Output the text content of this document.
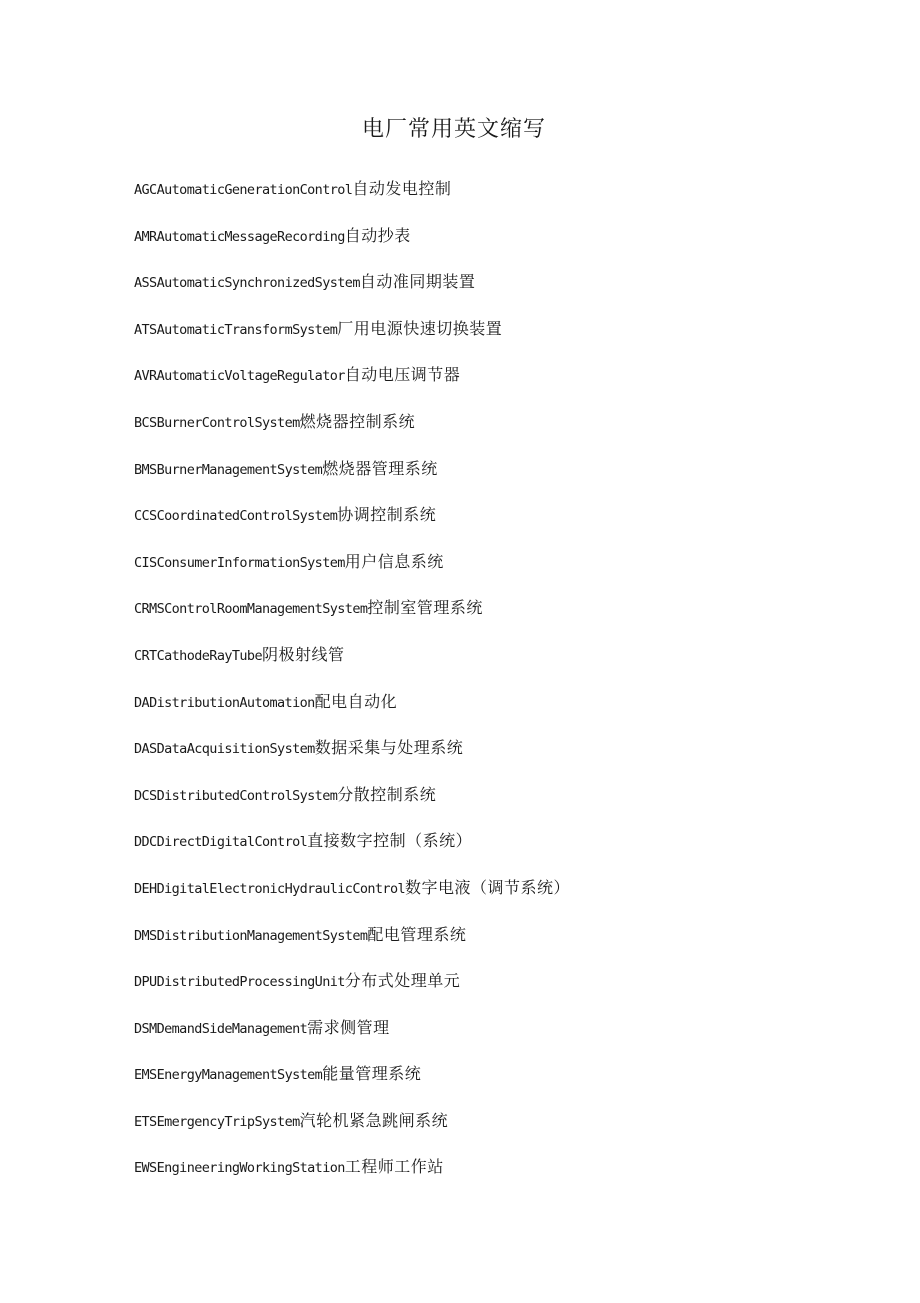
电厂常用英文缩写
AGCAutomaticGenerationControl自动发电控制
AMRAutomaticMessageRecording自动抄表
ASSAutomaticSynchronizedSystem自动准同期装置
ATSAutomaticTransformSystem厂用电源快速切换装置
AVRAutomaticVoltageRegulator自动电压调节器
BCSBurnerControlSystem燃烧器控制系统
BMSBurnerManagementSystem燃烧器管理系统
CCSCoordinatedControlSystem协调控制系统
CISConsumerInformationSystem用户信息系统
CRMSControlRoomManagementSystem控制室管理系统
CRTCathodeRayTube阴极射线管
DADistributionAutomation配电自动化
DASDataAcquisitionSystem数据采集与处理系统
DCSDistributedControlSystem分散控制系统
DDCDirectDigitalControl直接数字控制（系统）
DEHDigitalElectronicHydraulicControl数字电液（调节系统）
DMSDistributionManagementSystem配电管理系统
DPUDistributedProcessingUnit分布式处理单元
DSMDemandSideManagement需求侧管理
EMSEnergyManagementSystem能量管理系统
ETSEmergencyTripSystem汽轮机紧急跳闸系统
EWSEngineeringWorkingStation工程师工作站
